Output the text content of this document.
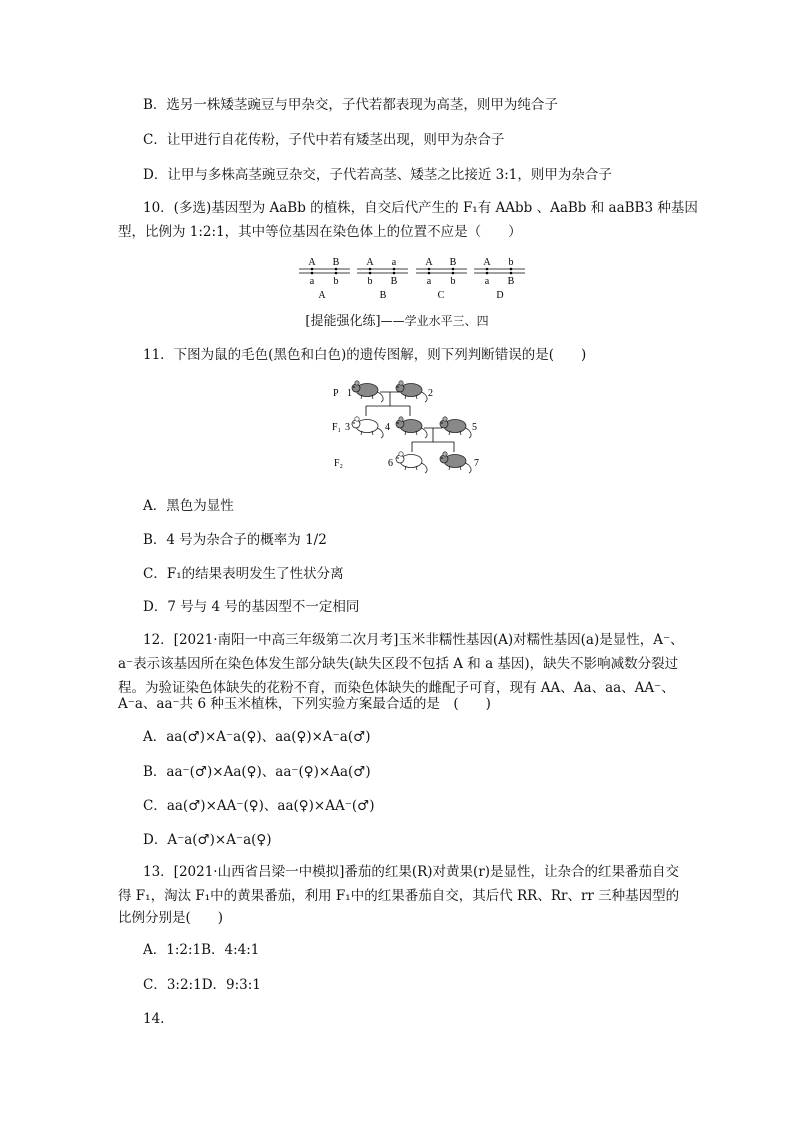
B．选另一株矮茎豌豆与甲杂交，子代若都表现为高茎，则甲为纯合子
C．让甲进行自花传粉，子代中若有矮茎出现，则甲为杂合子
D．让甲与多株高茎豌豆杂交，子代若高茎、矮茎之比接近 3:1，则甲为杂合子
10．(多选)基因型为 AaBb 的植株，自交后代产生的 F₁有 AAbb 、AaBb 和 aaBB3 种基因
型，比例为 1:2:1，其中等位基因在染色体上的位置不应是（　　）
A B
a b
A
A a
b B
B
A B
a b
C
A b
a B
D
[提能强化练]——学业水平三、四
11．下图为鼠的毛色(黑色和白色)的遗传图解，则下列判断错误的是(　　)
P
F₁
F₂
1	2
3	4	5
6	7
A．黑色为显性
B．4 号为杂合子的概率为 1/2
C．F₁的结果表明发生了性状分离
D．7 号与 4 号的基因型不一定相同
12．[2021·南阳一中高三年级第二次月考]玉米非糯性基因(A)对糯性基因(a)是显性，A⁻、
a⁻表示该基因所在染色体发生部分缺失(缺失区段不包括 A 和 a 基因)，缺失不影响减数分裂过
程。为验证染色体缺失的花粉不育，而染色体缺失的雌配子可育，现有 AA、Aa、aa、AA⁻、
A⁻a、aa⁻共 6 种玉米植株，下列实验方案最合适的是　(　　)
A．aa(♂)×A⁻a(♀)、aa(♀)×A⁻a(♂)
B．aa⁻(♂)×Aa(♀)、aa⁻(♀)×Aa(♂)
C．aa(♂)×AA⁻(♀)、aa(♀)×AA⁻(♂)
D．A⁻a(♂)×A⁻a(♀)
13．[2021·山西省吕梁一中模拟]番茄的红果(R)对黄果(r)是显性，让杂合的红果番茄自交
得 F₁，淘汰 F₁中的黄果番茄，利用 F₁中的红果番茄自交，其后代 RR、Rr、rr 三种基因型的
比例分别是(　　)
A．1:2:1B．4:4:1
C．3:2:1D．9:3:1
14.
